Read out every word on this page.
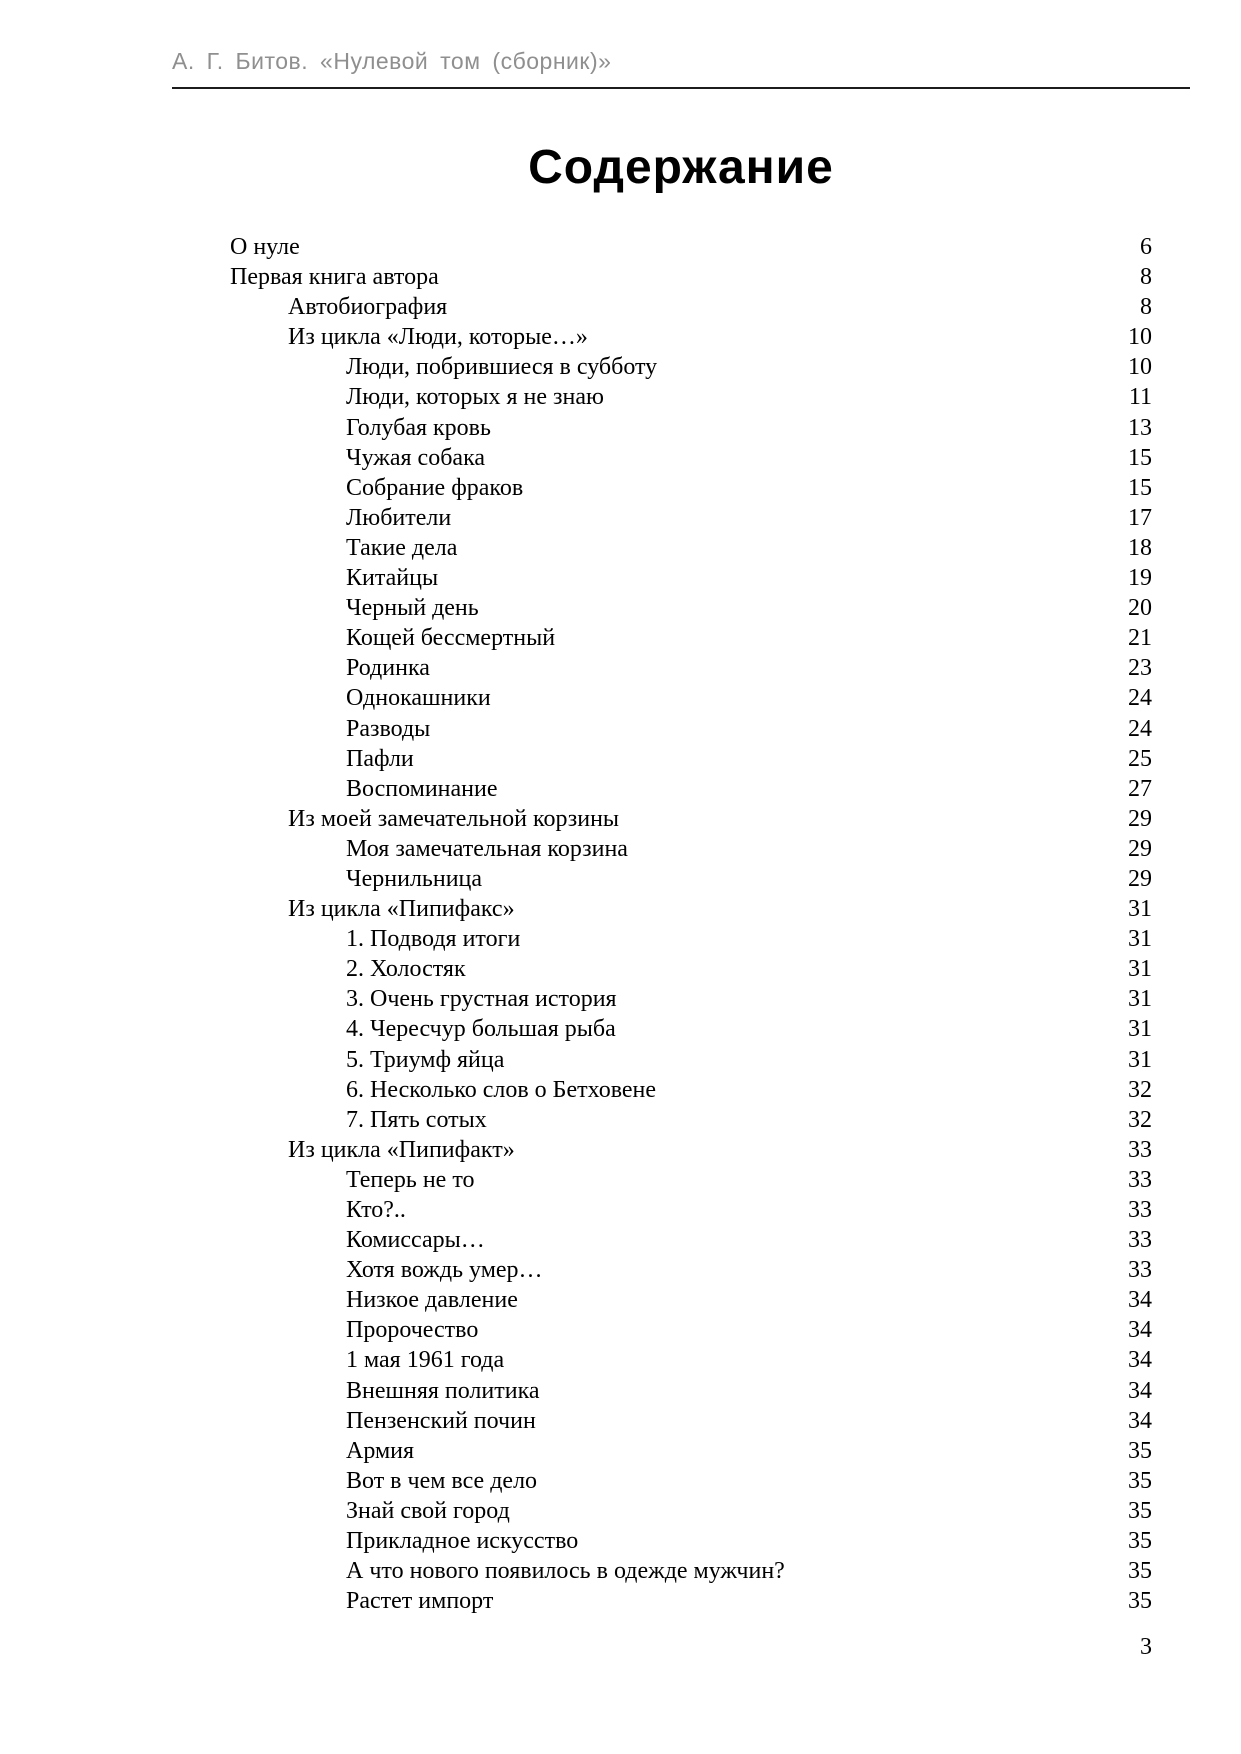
А. Г. Битов. «Нулевой том (сборник)»
Содержание
О нуле	6
Первая книга автора	8
Автобиография	8
Из цикла «Люди, которые…»	10
Люди, побрившиеся в субботу	10
Люди, которых я не знаю	11
Голубая кровь	13
Чужая собака	15
Собрание фраков	15
Любители	17
Такие дела	18
Китайцы	19
Черный день	20
Кощей бессмертный	21
Родинка	23
Однокашники	24
Разводы	24
Пафли	25
Воспоминание	27
Из моей замечательной корзины	29
Моя замечательная корзина	29
Чернильница	29
Из цикла «Пипифакс»	31
1. Подводя итоги	31
2. Холостяк	31
3. Очень грустная история	31
4. Чересчур большая рыба	31
5. Триумф яйца	31
6. Несколько слов о Бетховене	32
7. Пять сотых	32
Из цикла «Пипифакт»	33
Теперь не то	33
Кто?..	33
Комиссары…	33
Хотя вождь умер…	33
Низкое давление	34
Пророчество	34
1 мая 1961 года	34
Внешняя политика	34
Пензенский почин	34
Армия	35
Вот в чем все дело	35
Знай свой город	35
Прикладное искусство	35
А что нового появилось в одежде мужчин?	35
Растет импорт	35
3
